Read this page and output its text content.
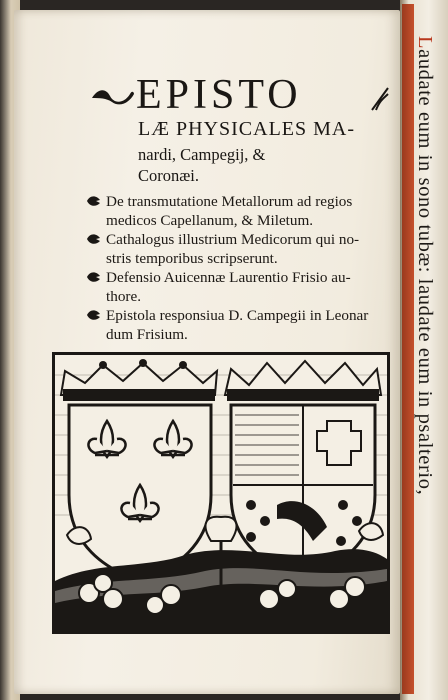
Laudate eum in sono tubæ: laudate eum in psalterio,
EPISTO
LÆ PHYSICALES MA-
nardi, Campegij, &
Coronæi.
De transmutatione Metallorum ad regios
medicos Capellanum, & Miletum.
Cathalogus illustrium Medicorum qui no-
stris temporibus scripserunt.
Defensio Auicennæ Laurentio Frisio au-
thore.
Epistola responsiua D. Campegii in Leonar
dum Frisium.
